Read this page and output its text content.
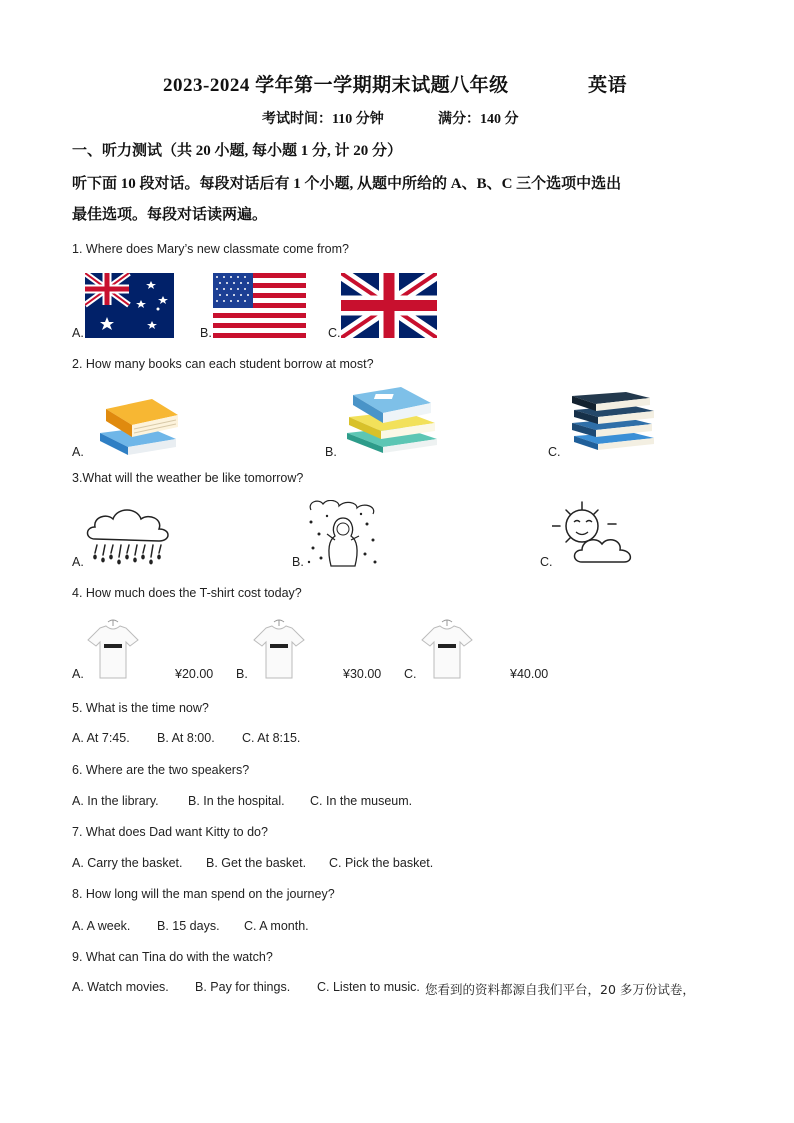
2023-2024 学年第一学期期末试题八年级	英语
考试时间：110 分钟	满分：140 分
一、听力测试（共 20 小题, 每小题 1 分, 计 20 分）
听下面 10 段对话。每段对话后有 1 个小题, 从题中所给的 A、B、C 三个选项中选出
最佳选项。每段对话读两遍。
1. Where does Mary’s new classmate come from?
A.	B.	C.
2. How many books can each student borrow at most?
A.	B.	C.
3.What will the weather be like tomorrow?
A.	B.	C.
4. How much does the T-shirt cost today?
A.	¥20.00 B.	¥30.00 C.	¥40.00
5. What is the time now?
A. At 7:45. B. At 8:00. C. At 8:15.
6. Where are the two speakers?
A. In the library. B. In the hospital. C. In the museum.
7. What does Dad want Kitty to do?
A. Carry the basket. B. Get the basket. C. Pick the basket.
8. How long will the man spend on the journey?
A. A week. B. 15 days. C. A month.
9. What can Tina do with the watch?
A. Watch movies. B. Pay for things. C. Listen to music. 您看到的资料都源自我们平台，20 多万份试卷，
